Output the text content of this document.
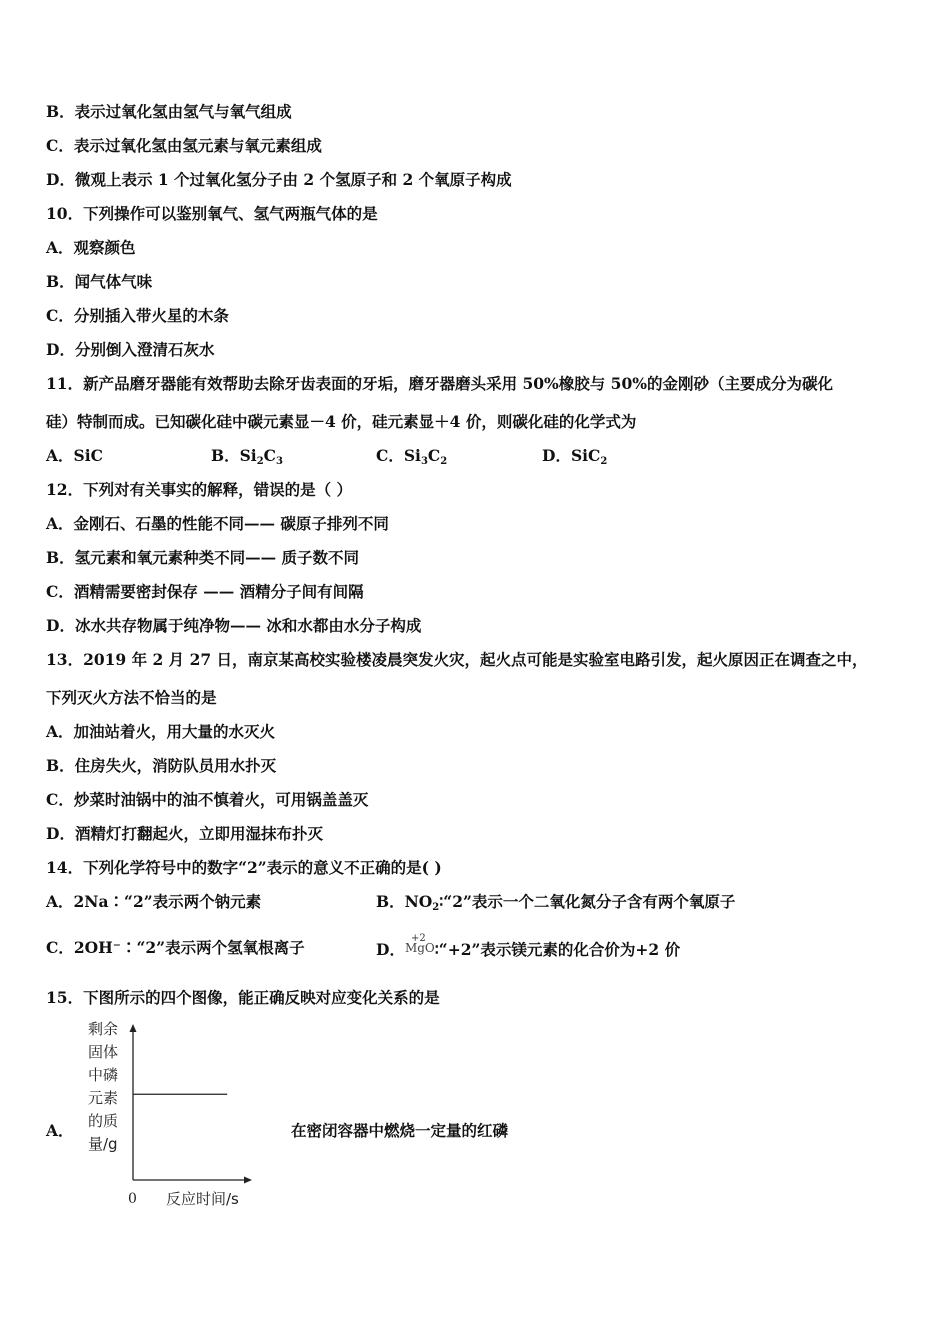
B．表示过氧化氢由氢气与氧气组成
C．表示过氧化氢由氢元素与氧元素组成
D．微观上表示 1 个过氧化氢分子由 2 个氢原子和 2 个氧原子构成
10．下列操作可以鉴别氧气、氢气两瓶气体的是
A．观察颜色
B．闻气体气味
C．分别插入带火星的木条
D．分别倒入澄清石灰水
11．新产品磨牙器能有效帮助去除牙齿表面的牙垢，磨牙器磨头采用 50%橡胶与 50%的金刚砂（主要成分为碳化
硅）特制而成。已知碳化硅中碳元素显－4 价，硅元素显＋4 价，则碳化硅的化学式为
A．SiC	B．$Si_2C_3$	C．$Si_3C_2$	D．SiC$_2$
12．下列对有关事实的解释，错误的是（ ）
A．金刚石、石墨的性能不同—— 碳原子排列不同
B．氢元素和氧元素种类不同—— 质子数不同
C．酒精需要密封保存 —— 酒精分子间有间隔
D．冰水共存物属于纯净物—— 冰和水都由水分子构成
13．2019 年 2 月 27 日，南京某高校实验楼凌晨突发火灾，起火点可能是实验室电路引发，起火原因正在调查之中，
下列灭火方法不恰当的是
A．加油站着火，用大量的水灭火
B．住房失火，消防队员用水扑灭
C．炒菜时油锅中的油不慎着火，可用锅盖盖灭
D．酒精灯打翻起火，立即用湿抹布扑灭
14．下列化学符号中的数字“2”表示的意义不正确的是( )
A．2Na∶“2”表示两个钠元素	B．$NO_2∶“2$”表示一个二氧化氮分子含有两个氧原子
C．2OH⁻∶“2”表示两个氢氧根离子	D．
+2
MgO∶“+2”表示镁元素的化合价为+2 价
15．下图所示的四个图像，能正确反映对应变化关系的是
A．	在密闭容器中燃烧一定量的红磷
剩余
固体
中磷
元素
的质
量/g
0 反应时间/s
